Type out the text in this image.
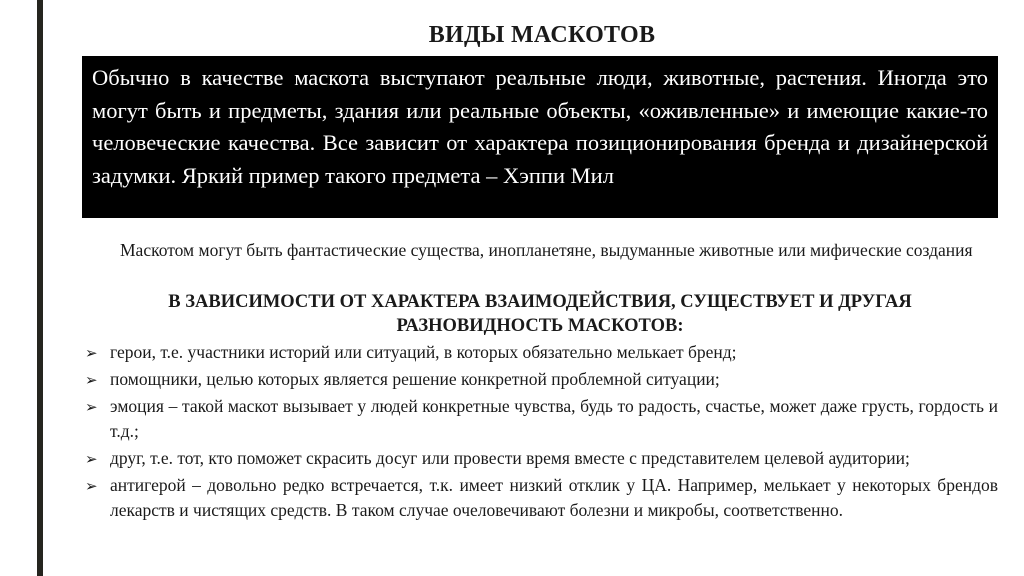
ВИДЫ МАСКОТОВ
Обычно в качестве маскота выступают реальные люди, животные, растения. Иногда это могут быть и предметы, здания или реальные объекты, «оживленные» и имеющие какие-то человеческие качества. Все зависит от характера позиционирования бренда и дизайнерской задумки. Яркий пример такого предмета – Хэппи Мил
Маскотом могут быть фантастические существа, инопланетяне, выдуманные животные или мифические создания
В ЗАВИСИМОСТИ ОТ ХАРАКТЕРА ВЗАИМОДЕЙСТВИЯ, СУЩЕСТВУЕТ И ДРУГАЯ РАЗНОВИДНОСТЬ МАСКОТОВ:
➢ герои, т.е. участники историй или ситуаций, в которых обязательно мелькает бренд;
➢ помощники, целью которых является решение конкретной проблемной ситуации;
➢ эмоция – такой маскот вызывает у людей конкретные чувства, будь то радость, счастье, может даже грусть, гордость и т.д.;
➢ друг, т.е. тот, кто поможет скрасить досуг или провести время вместе с представителем целевой аудитории;
➢ антигерой – довольно редко встречается, т.к. имеет низкий отклик у ЦА. Например, мелькает у некоторых брендов лекарств и чистящих средств. В таком случае очеловечивают болезни и микробы, соответственно.
